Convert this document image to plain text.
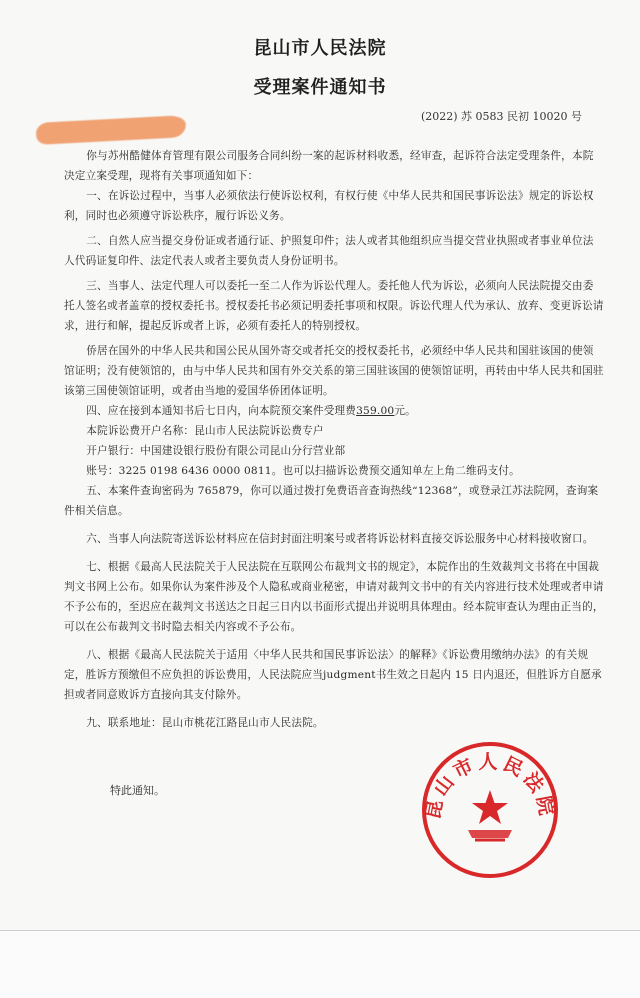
昆山市人民法院
受理案件通知书
(2022) 苏 0583 民初 10020 号

你与苏州酷健体育管理有限公司服务合同纠纷一案的起诉材料收悉，经审查，起诉符合法定受理条件，本院决定立案受理，现将有关事项通知如下：

一、在诉讼过程中，当事人必须依法行使诉讼权利，有权行使《中华人民共和国民事诉讼法》规定的诉讼权利，同时也必须遵守诉讼秩序，履行诉讼义务。

二、自然人应当提交身份证或者通行证、护照复印件；法人或者其他组织应当提交营业执照或者事业单位法人代码证复印件、法定代表人或者主要负责人身份证明书。

三、当事人、法定代理人可以委托一至二人作为诉讼代理人。委托他人代为诉讼，必须向人民法院提交由委托人签名或者盖章的授权委托书。授权委托书必须记明委托事项和权限。诉讼代理人代为承认、放弃、变更诉讼请求，进行和解，提起反诉或者上诉，必须有委托人的特别授权。

侨居在国外的中华人民共和国公民从国外寄交或者托交的授权委托书，必须经中华人民共和国驻该国的使领馆证明；没有使领馆的，由与中华人民共和国有外交关系的第三国驻该国的使领馆证明，再转由中华人民共和国驻该第三国使领馆证明，或者由当地的爱国华侨团体证明。

四、应在接到本通知书后七日内，向本院预交案件受理费359.00元。

本院诉讼费开户名称：昆山市人民法院诉讼费专户

开户银行：中国建设银行股份有限公司昆山分行营业部

账号：3225 0198 6436 0000 0811。也可以扫描诉讼费预交通知单左上角二维码支付。

五、本案件查询密码为 765879，你可以通过拨打免费语音查询热线“12368”，或登录江苏法院网，查询案件相关信息。

六、当事人向法院寄送诉讼材料应在信封封面注明案号或者将诉讼材料直接交诉讼服务中心材料接收窗口。

七、根据《最高人民法院关于人民法院在互联网公布裁判文书的规定》，本院作出的生效裁判文书将在中国裁判文书网上公布。如果你认为案件涉及个人隐私或商业秘密，申请对裁判文书中的有关内容进行技术处理或者申请不予公布的，至迟应在裁判文书送达之日起三日内以书面形式提出并说明具体理由。经本院审查认为理由正当的，可以在公布裁判文书时隐去相关内容或不予公布。

八、根据《最高人民法院关于适用〈中华人民共和国民事诉讼法〉的解释》《诉讼费用缴纳办法》的有关规定，胜诉方预缴但不应负担的诉讼费用，人民法院应当judgment书生效之日起内 15 日内退还，但胜诉方自愿承担或者同意败诉方直接向其支付除外。

九、联系地址：昆山市桃花江路昆山市人民法院。

特此通知。
昆山市人民法院
